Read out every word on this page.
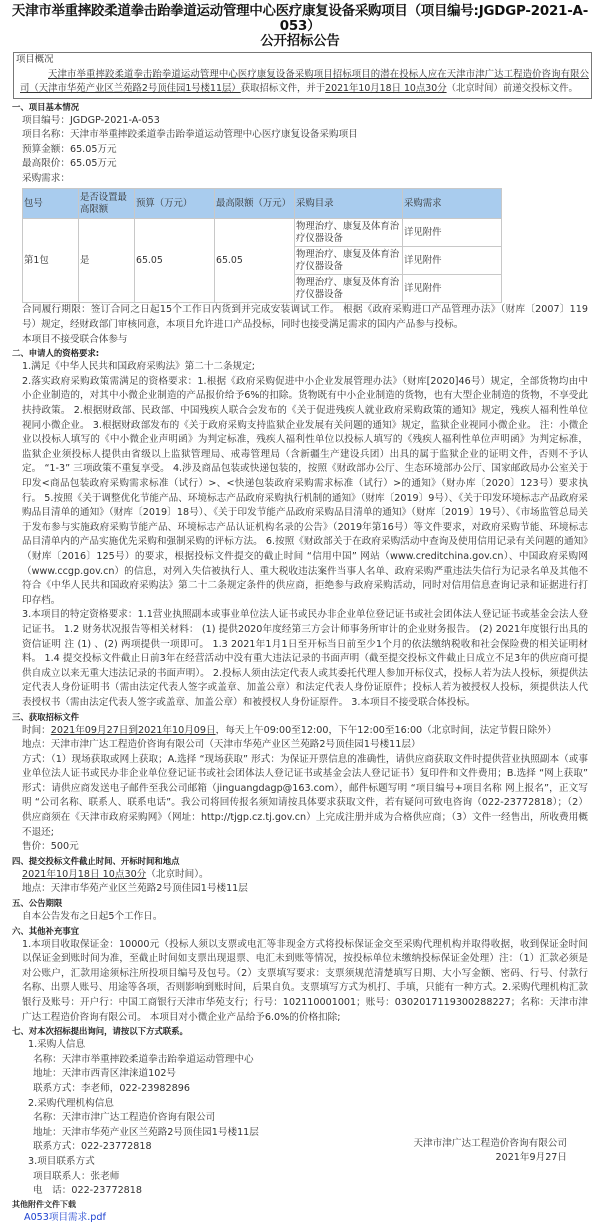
天津市举重摔跤柔道拳击跆拳道运动管理中心医疗康复设备采购项目（项目编号:JGDGP-2021-A-053）
公开招标公告
项目概况
天津市举重摔跤柔道拳击跆拳道运动管理中心医疗康复设备采购项目招标项目的潜在投标人应在天津市津广达工程造价咨询有限公司（天津市华苑产业区兰苑路2号顶佳园1号楼11层）获取招标文件，并于2021年10月18日 10点30分（北京时间）前递交投标文件。
一、项目基本情况
项目编号：JGDGP-2021-A-053
项目名称：天津市举重摔跤柔道拳击跆拳道运动管理中心医疗康复设备采购项目
预算金额：65.05万元
最高限价：65.05万元
采购需求：
包号	是否设置最高限额	预算（万元）	最高限额（万元）	采购目录	采购需求
第1包	是	65.05	65.05	物理治疗、康复及体育治疗仪器设备	详见附件
				物理治疗、康复及体育治疗仪器设备	详见附件
				物理治疗、康复及体育治疗仪器设备	详见附件
合同履行期限：签订合同之日起15个工作日内货到并完成安装调试工作。 根据《政府采购进口产品管理办法》（财库〔2007〕119号）规定，经财政部门审核同意，本项目允许进口产品投标，同时也接受满足需求的国内产品参与投标。
本项目不接受联合体参与
二、申请人的资格要求:
1.满足《中华人民共和国政府采购法》第二十二条规定;
2.落实政府采购政策需满足的资格要求：1.根据《政府采购促进中小企业发展管理办法》（财库[2020]46号）规定，全部货物均由中小企业制造的，对其中小微企业制造的产品报价给予6%的扣除。货物既有中小企业制造的货物，也有大型企业制造的货物，不享受此扶持政策。 2.根据财政部、民政部、中国残疾人联合会发布的《关于促进残疾人就业政府采购政策的通知》规定，残疾人福利性单位视同小微企业。 3.根据财政部发布的《关于政府采购支持监狱企业发展有关问题的通知》规定，监狱企业视同小微企业。 注：小微企业以投标人填写的《中小微企业声明函》为判定标准，残疾人福利性单位以投标人填写的《残疾人福利性单位声明函》为判定标准，监狱企业须投标人提供由省级以上监狱管理局、戒毒管理局（含新疆生产建设兵团）出具的属于监狱企业的证明文件，否则不予认定。 “1-3” 三项政策不重复享受。 4.涉及商品包装或快递包装的，按照《财政部办公厅、生态环境部办公厅、国家邮政局办公室关于印发<商品包装政府采购需求标准（试行）>、<快递包装政府采购需求标准（试行）>的通知》（财办库〔2020〕123号）要求执行。 5.按照《关于调整优化节能产品、环境标志产品政府采购执行机制的通知》（财库〔2019〕9号）、《关于印发环境标志产品政府采购品目清单的通知》（财库〔2019〕18号）、《关于印发节能产品政府采购品目清单的通知》（财库〔2019〕19号）、《市场监管总局关于发布参与实施政府采购节能产品、环境标志产品认证机构名录的公告》（2019年第16号）等文件要求，对政府采购节能、环境标志品目清单内的产品实施优先采购和强制采购的评标方法。 6.按照《财政部关于在政府采购活动中查询及使用信用记录有关问题的通知》（财库〔2016〕125号）的要求，根据投标文件提交的截止时间 “信用中国” 网站（www.creditchina.gov.cn）、中国政府采购网（www.ccgp.gov.cn）的信息，对列入失信被执行人、重大税收违法案件当事人名单、政府采购严重违法失信行为记录名单及其他不符合《中华人民共和国政府采购法》第二十二条规定条件的供应商，拒绝参与政府采购活动，同时对信用信息查询记录和证据进行打印存档。
3.本项目的特定资格要求：1.1营业执照副本或事业单位法人证书或民办非企业单位登记证书或社会团体法人登记证书或基金会法人登记证书。 1.2 财务状况报告等相关材料： (1) 提供2020年度经第三方会计师事务所审计的企业财务报告。 (2) 2021年度银行出具的资信证明 注 (1) 、(2) 两项提供一项即可。 1.3 2021年1月1日至开标当日前至少1个月的依法缴纳税收和社会保险费的相关证明材料。 1.4 提交投标文件截止日前3年在经营活动中没有重大违法记录的书面声明（截至提交投标文件截止日成立不足3年的供应商可提供自成立以来无重大违法记录的书面声明）。 2.投标人须由法定代表人或其委托代理人参加开标仪式，投标人若为法人投标，须提供法定代表人身份证明书（需由法定代表人签字或盖章、加盖公章）和法定代表人身份证原件；投标人若为被授权人投标，须提供法人代表授权书（需由法定代表人签字或盖章、加盖公章）和被授权人身份证原件。 3.本项目不接受联合体投标。
三、获取招标文件
时间：2021年09月27日到2021年10月09日，每天上午09:00至12:00，下午12:00至16:00（北京时间，法定节假日除外）
地点：天津市津广达工程造价咨询有限公司（天津市华苑产业区兰苑路2号顶佳园1号楼11层）
方式：（1）现场获取或网上获取；A.选择 “现场获取” 形式：为保证开票信息的准确性，请供应商获取文件时提供营业执照副本（或事业单位法人证书或民办非企业单位登记证书或社会团体法人登记证书或基金会法人登记证书）复印件和文件费用；B.选择 “网上获取” 形式：请供应商发送电子邮件至我公司邮箱（jinguangdagp@163.com），邮件标题写明 “项目编号+项目名称 网上报名”，正文写明 “公司名称、联系人、联系电话”。我公司将回传报名须知请按具体要求获取文件，若有疑问可致电咨询（022-23772818）；（2）供应商须在《天津市政府采购网》（网址：http://tjgp.cz.tj.gov.cn）上完成注册并成为合格供应商；（3）文件一经售出，所收费用概不退还;
售价：500元
四、提交投标文件截止时间、开标时间和地点
2021年10月18日 10点30分（北京时间）。
地点：天津市华苑产业区兰苑路2号顶佳园1号楼11层
五、公告期限
自本公告发布之日起5个工作日。
六、其他补充事宜
1.本项目收取保证金：10000元（投标人须以支票或电汇等非现金方式将投标保证金交至采购代理机构并取得收据，收到保证金时间以保证金到账时间为准，至截止时间如支票出现退票、电汇未到账等情况，按投标单位未缴纳投标保证金处理）注：（1）汇款必须是对公账户，汇款用途须标注所投项目编号及包号。（2）支票填写要求：支票须规范清楚填写日期、大小写金额、密码、行号、付款行名称、出票人账号、用途等各项，否则影响到账时间，后果自负。支票填写方式为机打、手填，只能有一种方式。2.采购代理机构汇款银行及账号：开户行：中国工商银行天津市华苑支行；行号：102110001001；账号：0302017119300288227；名称：天津市津广达工程造价咨询有限公司。 本项目对小微企业产品给予6.0%的价格扣除;
七、对本次招标提出询问，请按以下方式联系。
1.采购人信息
名称：天津市举重摔跤柔道拳击跆拳道运动管理中心
地址：天津市西青区津涞道102号
联系方式：李老师，022-23982896
2.采购代理机构信息
名称：天津市津广达工程造价咨询有限公司
地址：天津市华苑产业区兰苑路2号顶佳园1号楼11层
联系方式：022-23772818
3.项目联系方式
项目联系人：张老师
电　话：022-23772818
其他附件文件下载
A053项目需求.pdf
天津市津广达工程造价咨询有限公司
2021年9月27日
